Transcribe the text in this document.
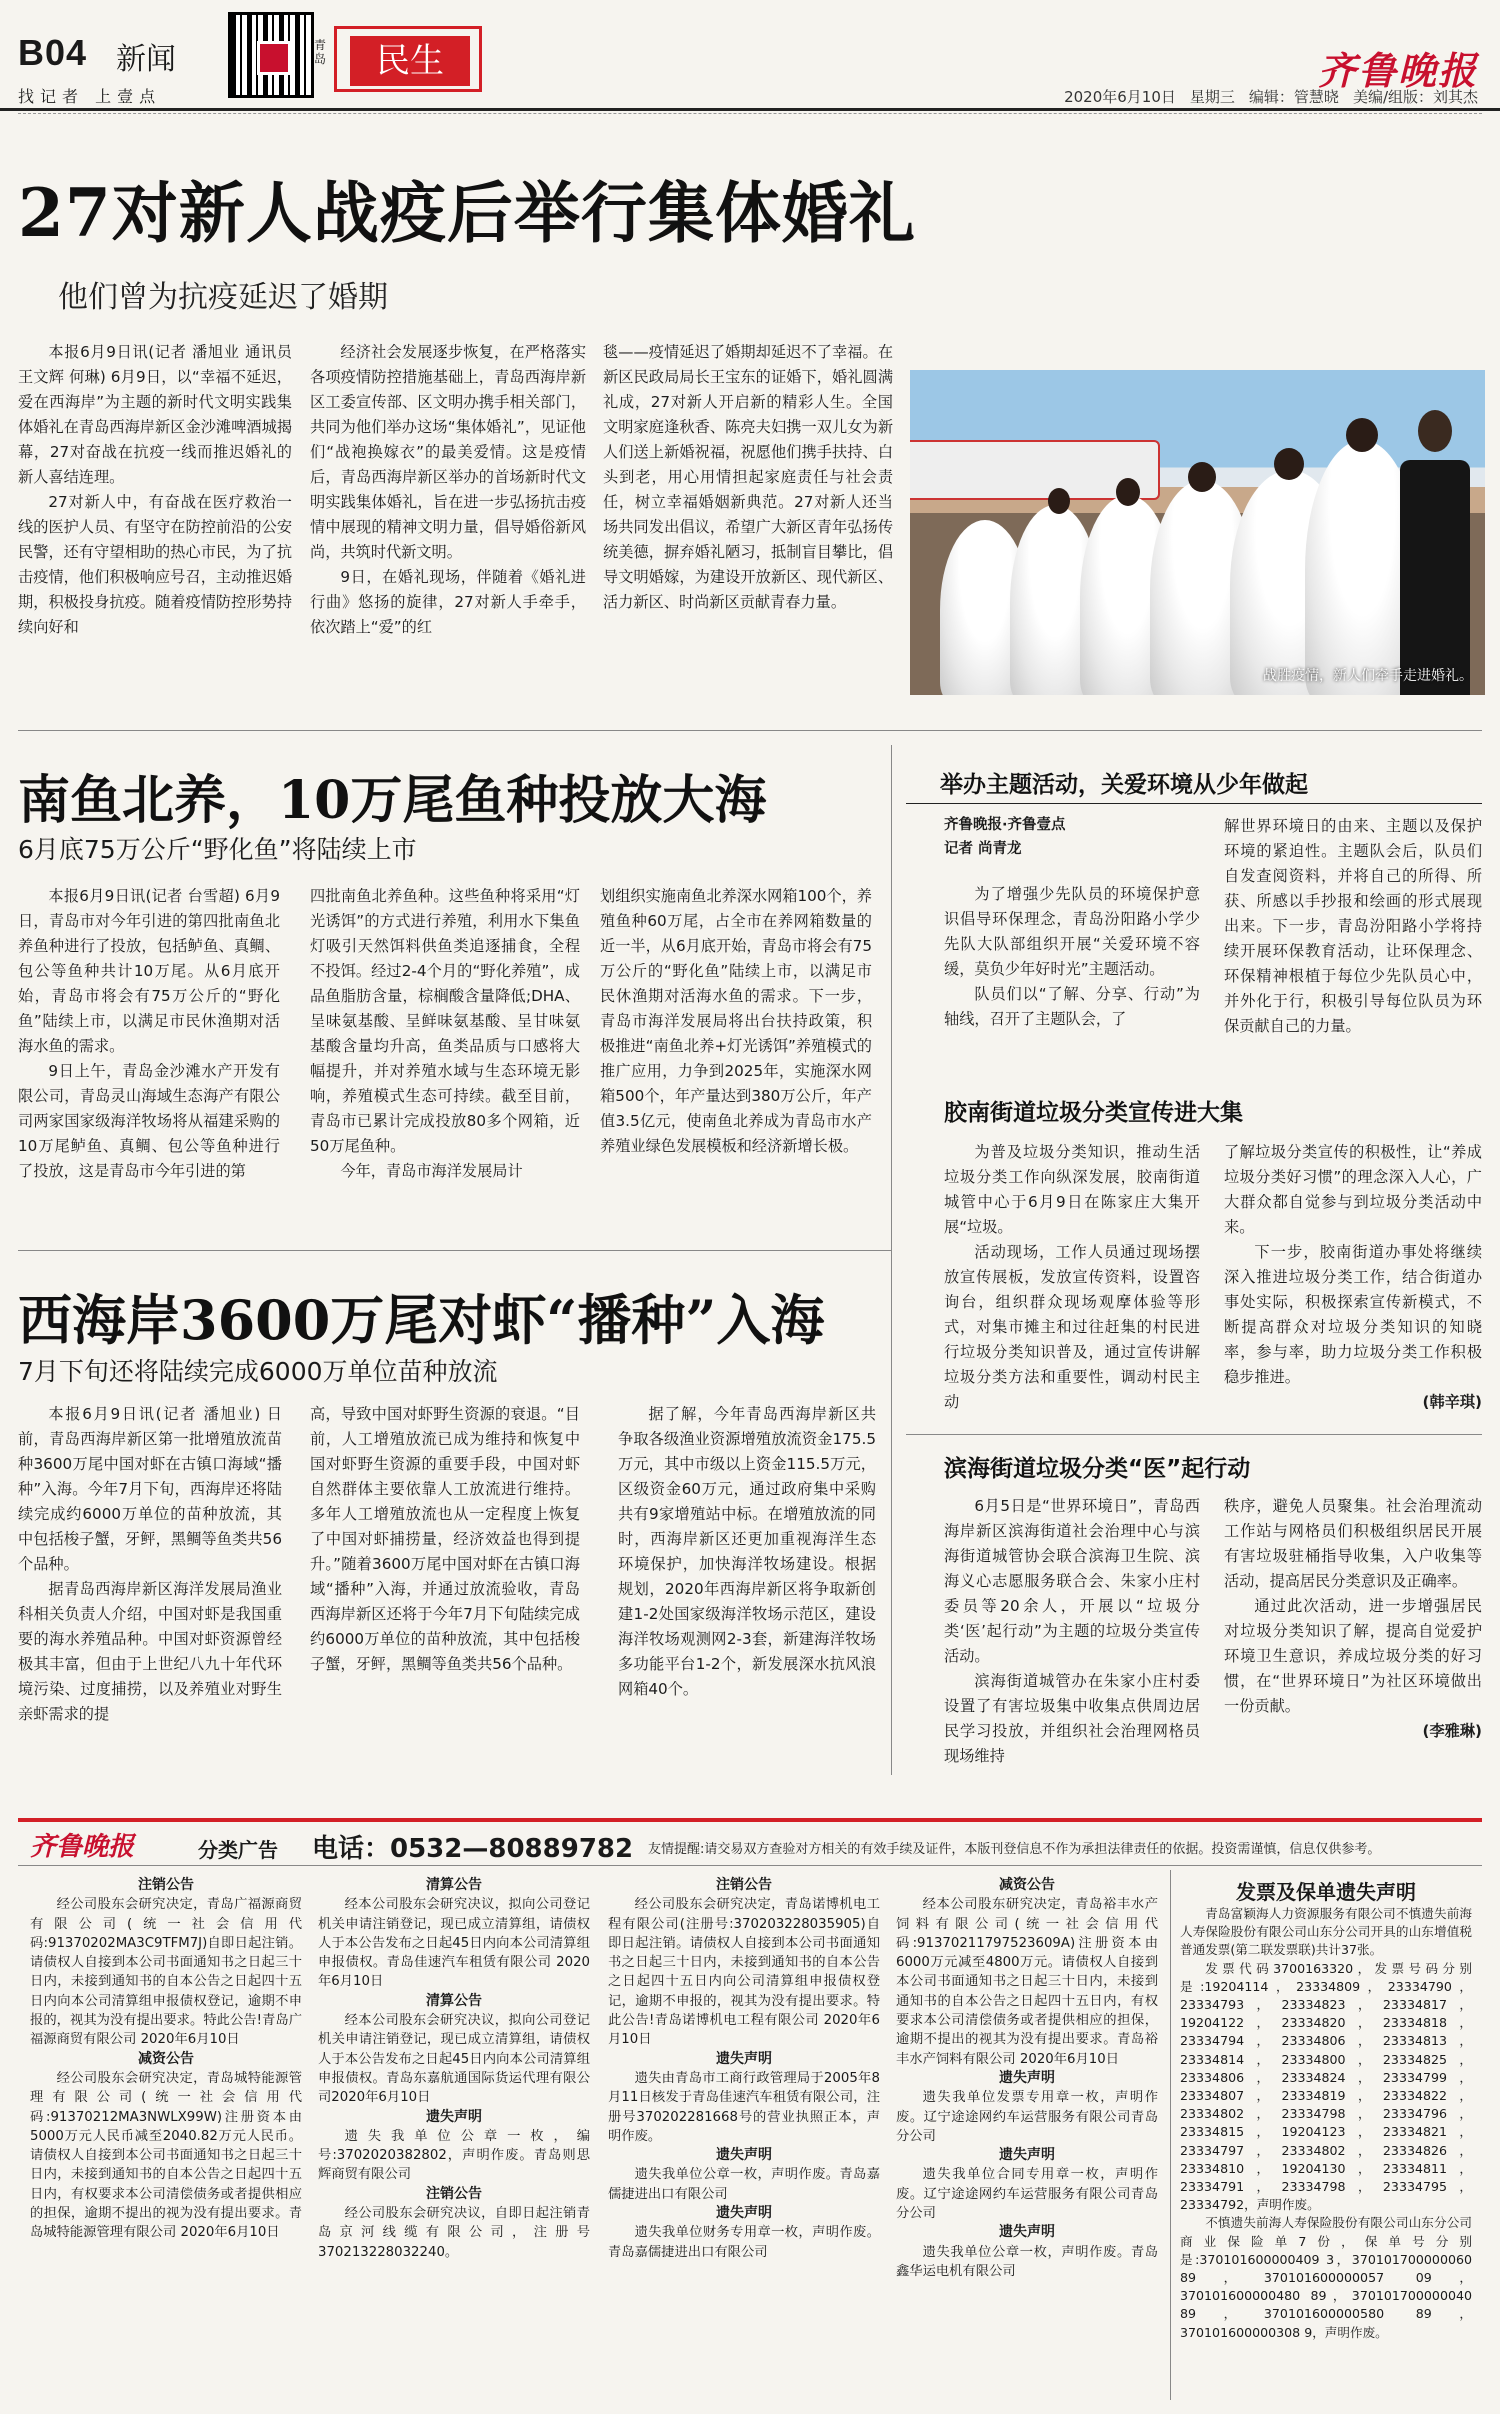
B04 新闻
找记者 上壹点
青岛	民生	齐鲁晚报
2020年6月10日 星期三 编辑：管慧晓 美编/组版：刘其杰
27对新人战疫后举行集体婚礼
他们曾为抗疫延迟了婚期

本报6月9日讯(记者 潘旭业 通讯员 王文辉 何琳) 6月9日，以“幸福不延迟，爱在西海岸”为主题的新时代文明实践集体婚礼在青岛西海岸新区金沙滩啤酒城揭幕，27对奋战在抗疫一线而推迟婚礼的新人喜结连理。

27对新人中，有奋战在医疗救治一线的医护人员、有坚守在防控前沿的公安民警，还有守望相助的热心市民，为了抗击疫情，他们积极响应号召，主动推迟婚期，积极投身抗疫。随着疫情防控形势持续向好和

经济社会发展逐步恢复，在严格落实各项疫情防控措施基础上，青岛西海岸新区工委宣传部、区文明办携手相关部门，共同为他们举办这场“集体婚礼”，见证他们“战袍换嫁衣”的最美爱情。这是疫情后，青岛西海岸新区举办的首场新时代文明实践集体婚礼，旨在进一步弘扬抗击疫情中展现的精神文明力量，倡导婚俗新风尚，共筑时代新文明。

9日，在婚礼现场，伴随着《婚礼进行曲》悠扬的旋律，27对新人手牵手，依次踏上“爱”的红

毯——疫情延迟了婚期却延迟不了幸福。在新区民政局局长王宝东的证婚下，婚礼圆满礼成，27对新人开启新的精彩人生。全国文明家庭逢秋香、陈亮夫妇携一双儿女为新人们送上新婚祝福，祝愿他们携手扶持、白头到老，用心用情担起家庭责任与社会责任，树立幸福婚姻新典范。27对新人还当场共同发出倡议，希望广大新区青年弘扬传统美德，摒弃婚礼陋习，抵制盲目攀比，倡导文明婚嫁，为建设开放新区、现代新区、活力新区、时尚新区贡献青春力量。

战胜疫情，新人们牵手走进婚礼。
南鱼北养，10万尾鱼种投放大海
6月底75万公斤“野化鱼”将陆续上市

本报6月9日讯(记者 台雪超) 6月9日，青岛市对今年引进的第四批南鱼北养鱼种进行了投放，包括鲈鱼、真鲷、包公等鱼种共计10万尾。从6月底开始，青岛市将会有75万公斤的“野化鱼”陆续上市，以满足市民休渔期对活海水鱼的需求。

9日上午，青岛金沙滩水产开发有限公司，青岛灵山海域生态海产有限公司两家国家级海洋牧场将从福建采购的10万尾鲈鱼、真鲷、包公等鱼种进行了投放，这是青岛市今年引进的第

四批南鱼北养鱼种。这些鱼种将采用“灯光诱饵”的方式进行养殖，利用水下集鱼灯吸引天然饵料供鱼类追逐捕食，全程不投饵。经过2-4个月的“野化养殖”，成品鱼脂肪含量，棕榈酸含量降低;DHA、呈味氨基酸、呈鲜味氨基酸、呈甘味氨基酸含量均升高，鱼类品质与口感将大幅提升，并对养殖水域与生态环境无影响，养殖模式生态可持续。截至目前，青岛市已累计完成投放80多个网箱，近50万尾鱼种。

今年，青岛市海洋发展局计

划组织实施南鱼北养深水网箱100个，养殖鱼种60万尾，占全市在养网箱数量的近一半，从6月底开始，青岛市将会有75万公斤的“野化鱼”陆续上市，以满足市民休渔期对活海水鱼的需求。下一步，青岛市海洋发展局将出台扶持政策，积极推进“南鱼北养+灯光诱饵”养殖模式的推广应用，力争到2025年，实施深水网箱500个，年产量达到380万公斤，年产值3.5亿元，使南鱼北养成为青岛市水产养殖业绿色发展模板和经济新增长极。

举办主题活动，关爱环境从少年做起
齐鲁晚报·齐鲁壹点
记者 尚青龙

为了增强少先队员的环境保护意识倡导环保理念，青岛汾阳路小学少先队大队部组织开展“关爱环境不容缓，莫负少年好时光”主题活动。

队员们以“了解、分享、行动”为轴线，召开了主题队会，了

解世界环境日的由来、主题以及保护环境的紧迫性。主题队会后，队员们自发查阅资料，并将自己的所得、所获、所感以手抄报和绘画的形式展现出来。下一步，青岛汾阳路小学将持续开展环保教育活动，让环保理念、环保精神根植于每位少先队员心中，并外化于行，积极引导每位队员为环保贡献自己的力量。

胶南街道垃圾分类宣传进大集

为普及垃圾分类知识，推动生活垃圾分类工作向纵深发展，胶南街道城管中心于6月9日在陈家庄大集开展“垃圾。

活动现场，工作人员通过现场摆放宣传展板，发放宣传资料，设置咨询台，组织群众现场观摩体验等形式，对集市摊主和过往赶集的村民进行垃圾分类知识普及，通过宣传讲解垃圾分类方法和重要性，调动村民主动

了解垃圾分类宣传的积极性，让“养成垃圾分类好习惯”的理念深入人心，广大群众都自觉参与到垃圾分类活动中来。

下一步，胶南街道办事处将继续深入推进垃圾分类工作，结合街道办事处实际，积极探索宣传新模式，不断提高群众对垃圾分类知识的知晓率，参与率，助力垃圾分类工作积极稳步推进。

(韩辛琪)
滨海街道垃圾分类“医”起行动

6月5日是“世界环境日”，青岛西海岸新区滨海街道社会治理中心与滨海街道城管协会联合滨海卫生院、滨海义心志愿服务联合会、朱家小庄村委员等20余人，开展以“垃圾分类‘医’起行动”为主题的垃圾分类宣传活动。

滨海街道城管办在朱家小庄村委设置了有害垃圾集中收集点供周边居民学习投放，并组织社会治理网格员现场维持

秩序，避免人员聚集。社会治理流动工作站与网格员们积极组织居民开展有害垃圾驻桶指导收集，入户收集等活动，提高居民分类意识及正确率。

通过此次活动，进一步增强居民对垃圾分类知识了解，提高自觉爱护环境卫生意识，养成垃圾分类的好习惯，在“世界环境日”为社区环境做出一份贡献。

(李雅琳)
西海岸3600万尾对虾“播种”入海
7月下旬还将陆续完成6000万单位苗种放流

本报6月9日讯(记者 潘旭业) 日前，青岛西海岸新区第一批增殖放流苗种3600万尾中国对虾在古镇口海域“播种”入海。今年7月下旬，西海岸还将陆续完成约6000万单位的苗种放流，其中包括梭子蟹，牙鲆，黑鲷等鱼类共56个品种。

据青岛西海岸新区海洋发展局渔业科相关负责人介绍，中国对虾是我国重要的海水养殖品种。中国对虾资源曾经极其丰富，但由于上世纪八九十年代环境污染、过度捕捞，以及养殖业对野生亲虾需求的提

高，导致中国对虾野生资源的衰退。“目前，人工增殖放流已成为维持和恢复中国对虾野生资源的重要手段，中国对虾自然群体主要依靠人工放流进行维持。多年人工增殖放流也从一定程度上恢复了中国对虾捕捞量，经济效益也得到提升。”随着3600万尾中国对虾在古镇口海域“播种”入海，并通过放流验收，青岛西海岸新区还将于今年7月下旬陆续完成约6000万单位的苗种放流，其中包括梭子蟹，牙鲆，黑鲷等鱼类共56个品种。

据了解，今年青岛西海岸新区共争取各级渔业资源增殖放流资金175.5万元，其中市级以上资金115.5万元，区级资金60万元，通过政府集中采购共有9家增殖站中标。在增殖放流的同时，西海岸新区还更加重视海洋生态环境保护，加快海洋牧场建设。根据规划，2020年西海岸新区将争取新创建1-2处国家级海洋牧场示范区，建设海洋牧场观测网2-3套，新建海洋牧场多功能平台1-2个，新发展深水抗风浪网箱40个。

齐鲁晚报	分类广告 电话：0532—80889782 友情提醒:请交易双方查验对方相关的有效手续及证件，本版刊登信息不作为承担法律责任的依据。投资需谨慎，信息仅供参考。
注销公告

经公司股东会研究决定，青岛广福源商贸有限公司(统一社会信用代码:91370202MA3C9TFM7J)自即日起注销。请债权人自接到本公司书面通知书之日起三十日内，未接到通知书的自本公告之日起四十五日内向本公司清算组申报债权登记，逾期不申报的，视其为没有提出要求。特此公告!青岛广福源商贸有限公司 2020年6月10日

减资公告

经公司股东会研究决定，青岛城特能源管理有限公司(统一社会信用代码:91370212MA3NWLX99W)注册资本由5000万元人民币减至2040.82万元人民币。请债权人自接到本公司书面通知书之日起三十日内，未接到通知书的自本公告之日起四十五日内，有权要求本公司清偿债务或者提供相应的担保，逾期不提出的视为没有提出要求。青岛城特能源管理有限公司 2020年6月10日

清算公告

经本公司股东会研究决议，拟向公司登记机关申请注销登记，现已成立清算组，请债权人于本公告发布之日起45日内向本公司清算组申报债权。青岛佳速汽车租赁有限公司 2020年6月10日

清算公告

经本公司股东会研究决议，拟向公司登记机关申请注销登记，现已成立清算组，请债权人于本公告发布之日起45日内向本公司清算组申报债权。青岛东嘉航通国际货运代理有限公司2020年6月10日

遗失声明

遗失我单位公章一枚，编号:3702020382802，声明作废。青岛则思辉商贸有限公司

注销公告

经公司股东会研究决议，自即日起注销青岛京河线缆有限公司，注册号370213228032240。

注销公告

经公司股东会研究决定，青岛诺博机电工程有限公司(注册号:370203228035905)自即日起注销。请债权人自接到本公司书面通知书之日起三十日内，未接到通知书的自本公告之日起四十五日内向公司清算组申报债权登记，逾期不申报的，视其为没有提出要求。特此公告!青岛诺博机电工程有限公司 2020年6月10日

遗失声明

遗失由青岛市工商行政管理局于2005年8月11日核发于青岛佳速汽车租赁有限公司，注册号370202281668号的营业执照正本，声明作废。

遗失声明

遗失我单位公章一枚，声明作废。青岛嘉儒捷进出口有限公司

遗失声明

遗失我单位财务专用章一枚，声明作废。青岛嘉儒捷进出口有限公司

减资公告

经本公司股东研究决定，青岛裕丰水产饲料有限公司(统一社会信用代码:91370211797523609A)注册资本由6000万元减至4800万元。请债权人自接到本公司书面通知书之日起三十日内，未接到通知书的自本公告之日起四十五日内，有权要求本公司清偿债务或者提供相应的担保，逾期不提出的视其为没有提出要求。青岛裕丰水产饲料有限公司 2020年6月10日

遗失声明

遗失我单位发票专用章一枚，声明作废。辽宁途途网约车运营服务有限公司青岛分公司

遗失声明

遗失我单位合同专用章一枚，声明作废。辽宁途途网约车运营服务有限公司青岛分公司

遗失声明

遗失我单位公章一枚，声明作废。青岛鑫华运电机有限公司

发票及保单遗失声明

青岛富颖海人力资源服务有限公司不慎遗失前海人寿保险股份有限公司山东分公司开具的山东增值税普通发票(第二联发票联)共计37张。

发票代码3700163320，发票号码分别是:19204114，23334809，23334790，23334793，23334823，23334817，19204122，23334820，23334818，23334794，23334806，23334813，23334814，23334800，23334825，23334806，23334824，23334799，23334807，23334819，23334822，23334802，23334798，23334796，23334815，19204123，23334821，23334797，23334802，23334826，23334810，19204130，23334811，23334791，23334798，23334795，23334792，声明作废。

不慎遗失前海人寿保险股份有限公司山东分公司商业保险单7份，保单号分别是:370101600000409 3，370101700000060 89，370101600000057 09，370101600000480 89，370101700000040 89，370101600000580 89，370101600000308 9，声明作废。
